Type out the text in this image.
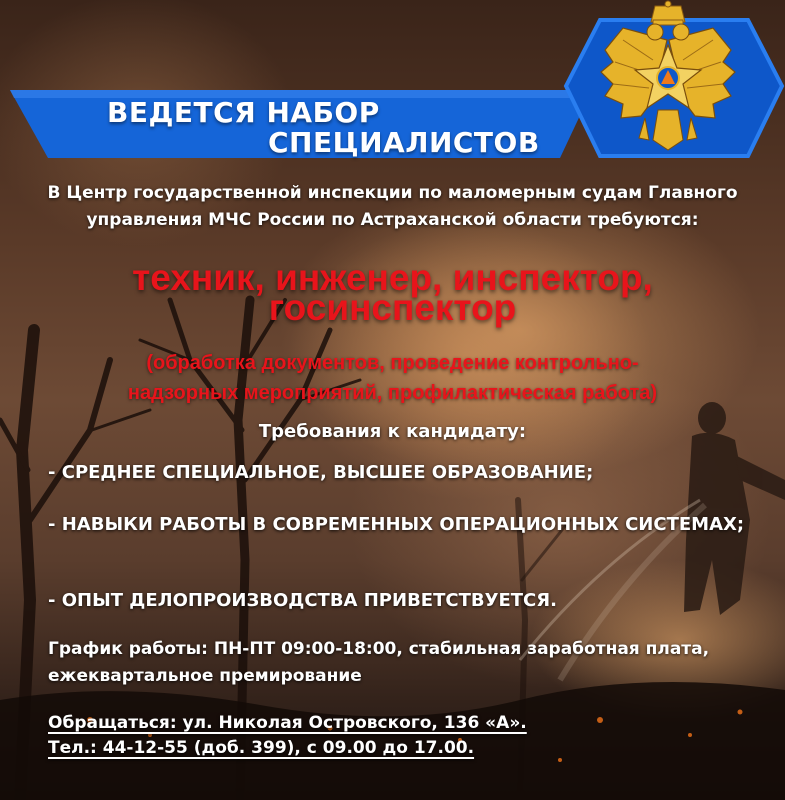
ВЕДЕТСЯ НАБОР
СПЕЦИАЛИСТОВ
В Центр государственной инспекции по маломерным судам Главного управления МЧС России по Астраханской области требуются:
техник, инженер, инспектор,
госинспектор
(обработка документов, проведение контрольно-
надзорных мероприятий, профилактическая работа)
Требования к кандидату:
- СРЕДНЕЕ СПЕЦИАЛЬНОЕ, ВЫСШЕЕ ОБРАЗОВАНИЕ;
- НАВЫКИ РАБОТЫ В СОВРЕМЕННЫХ ОПЕРАЦИОННЫХ СИСТЕМАХ;
- ОПЫТ ДЕЛОПРОИЗВОДСТВА ПРИВЕТСТВУЕТСЯ.
График работы: ПН-ПТ 09:00-18:00, стабильная заработная плата, ежеквартальное премирование
Обращаться: ул. Николая Островского, 136 «А».
Тел.: 44-12-55 (доб. 399), с 09.00 до 17.00.
